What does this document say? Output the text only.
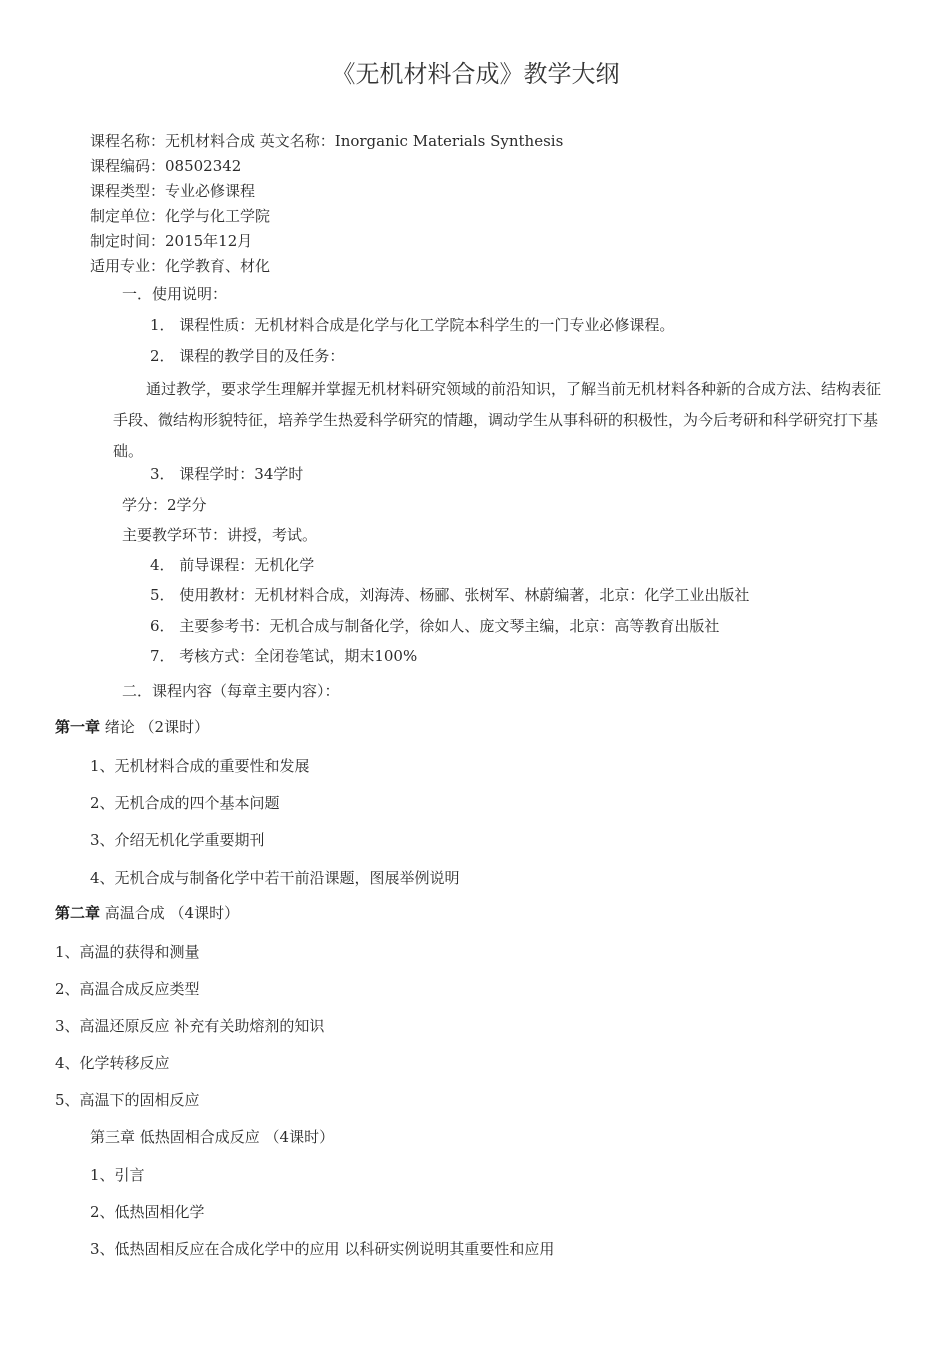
《无机材料合成》教学大纲
课程名称：无机材料合成 英文名称：Inorganic Materials Synthesis
课程编码：08502342
课程类型：专业必修课程
制定单位：化学与化工学院
制定时间：2015年12月
适用专业：化学教育、材化
一．使用说明：
1． 课程性质：无机材料合成是化学与化工学院本科学生的一门专业必修课程。
2． 课程的教学目的及任务：
通过教学，要求学生理解并掌握无机材料研究领域的前沿知识，了解当前无机材料各种新的合成方法、结构表征手段、微结构形貌特征，培养学生热爱科学研究的情趣，调动学生从事科研的积极性，为今后考研和科学研究打下基础。
3． 课程学时：34学时
学分：2学分
主要教学环节：讲授，考试。
4． 前导课程：无机化学
5． 使用教材：无机材料合成，刘海涛、杨郦、张树军、林蔚编著，北京：化学工业出版社
6． 主要参考书：无机合成与制备化学，徐如人、庞文琴主编，北京：高等教育出版社
7． 考核方式：全闭卷笔试，期末100%
二．课程内容（每章主要内容）：
第一章 绪论 （2课时）
1、无机材料合成的重要性和发展
2、无机合成的四个基本问题
3、介绍无机化学重要期刊
4、无机合成与制备化学中若干前沿课题，图展举例说明
第二章 高温合成 （4课时）
1、高温的获得和测量
2、高温合成反应类型
3、高温还原反应 补充有关助熔剂的知识
4、化学转移反应
5、高温下的固相反应
第三章 低热固相合成反应 （4课时）
1、引言
2、低热固相化学
3、低热固相反应在合成化学中的应用 以科研实例说明其重要性和应用
